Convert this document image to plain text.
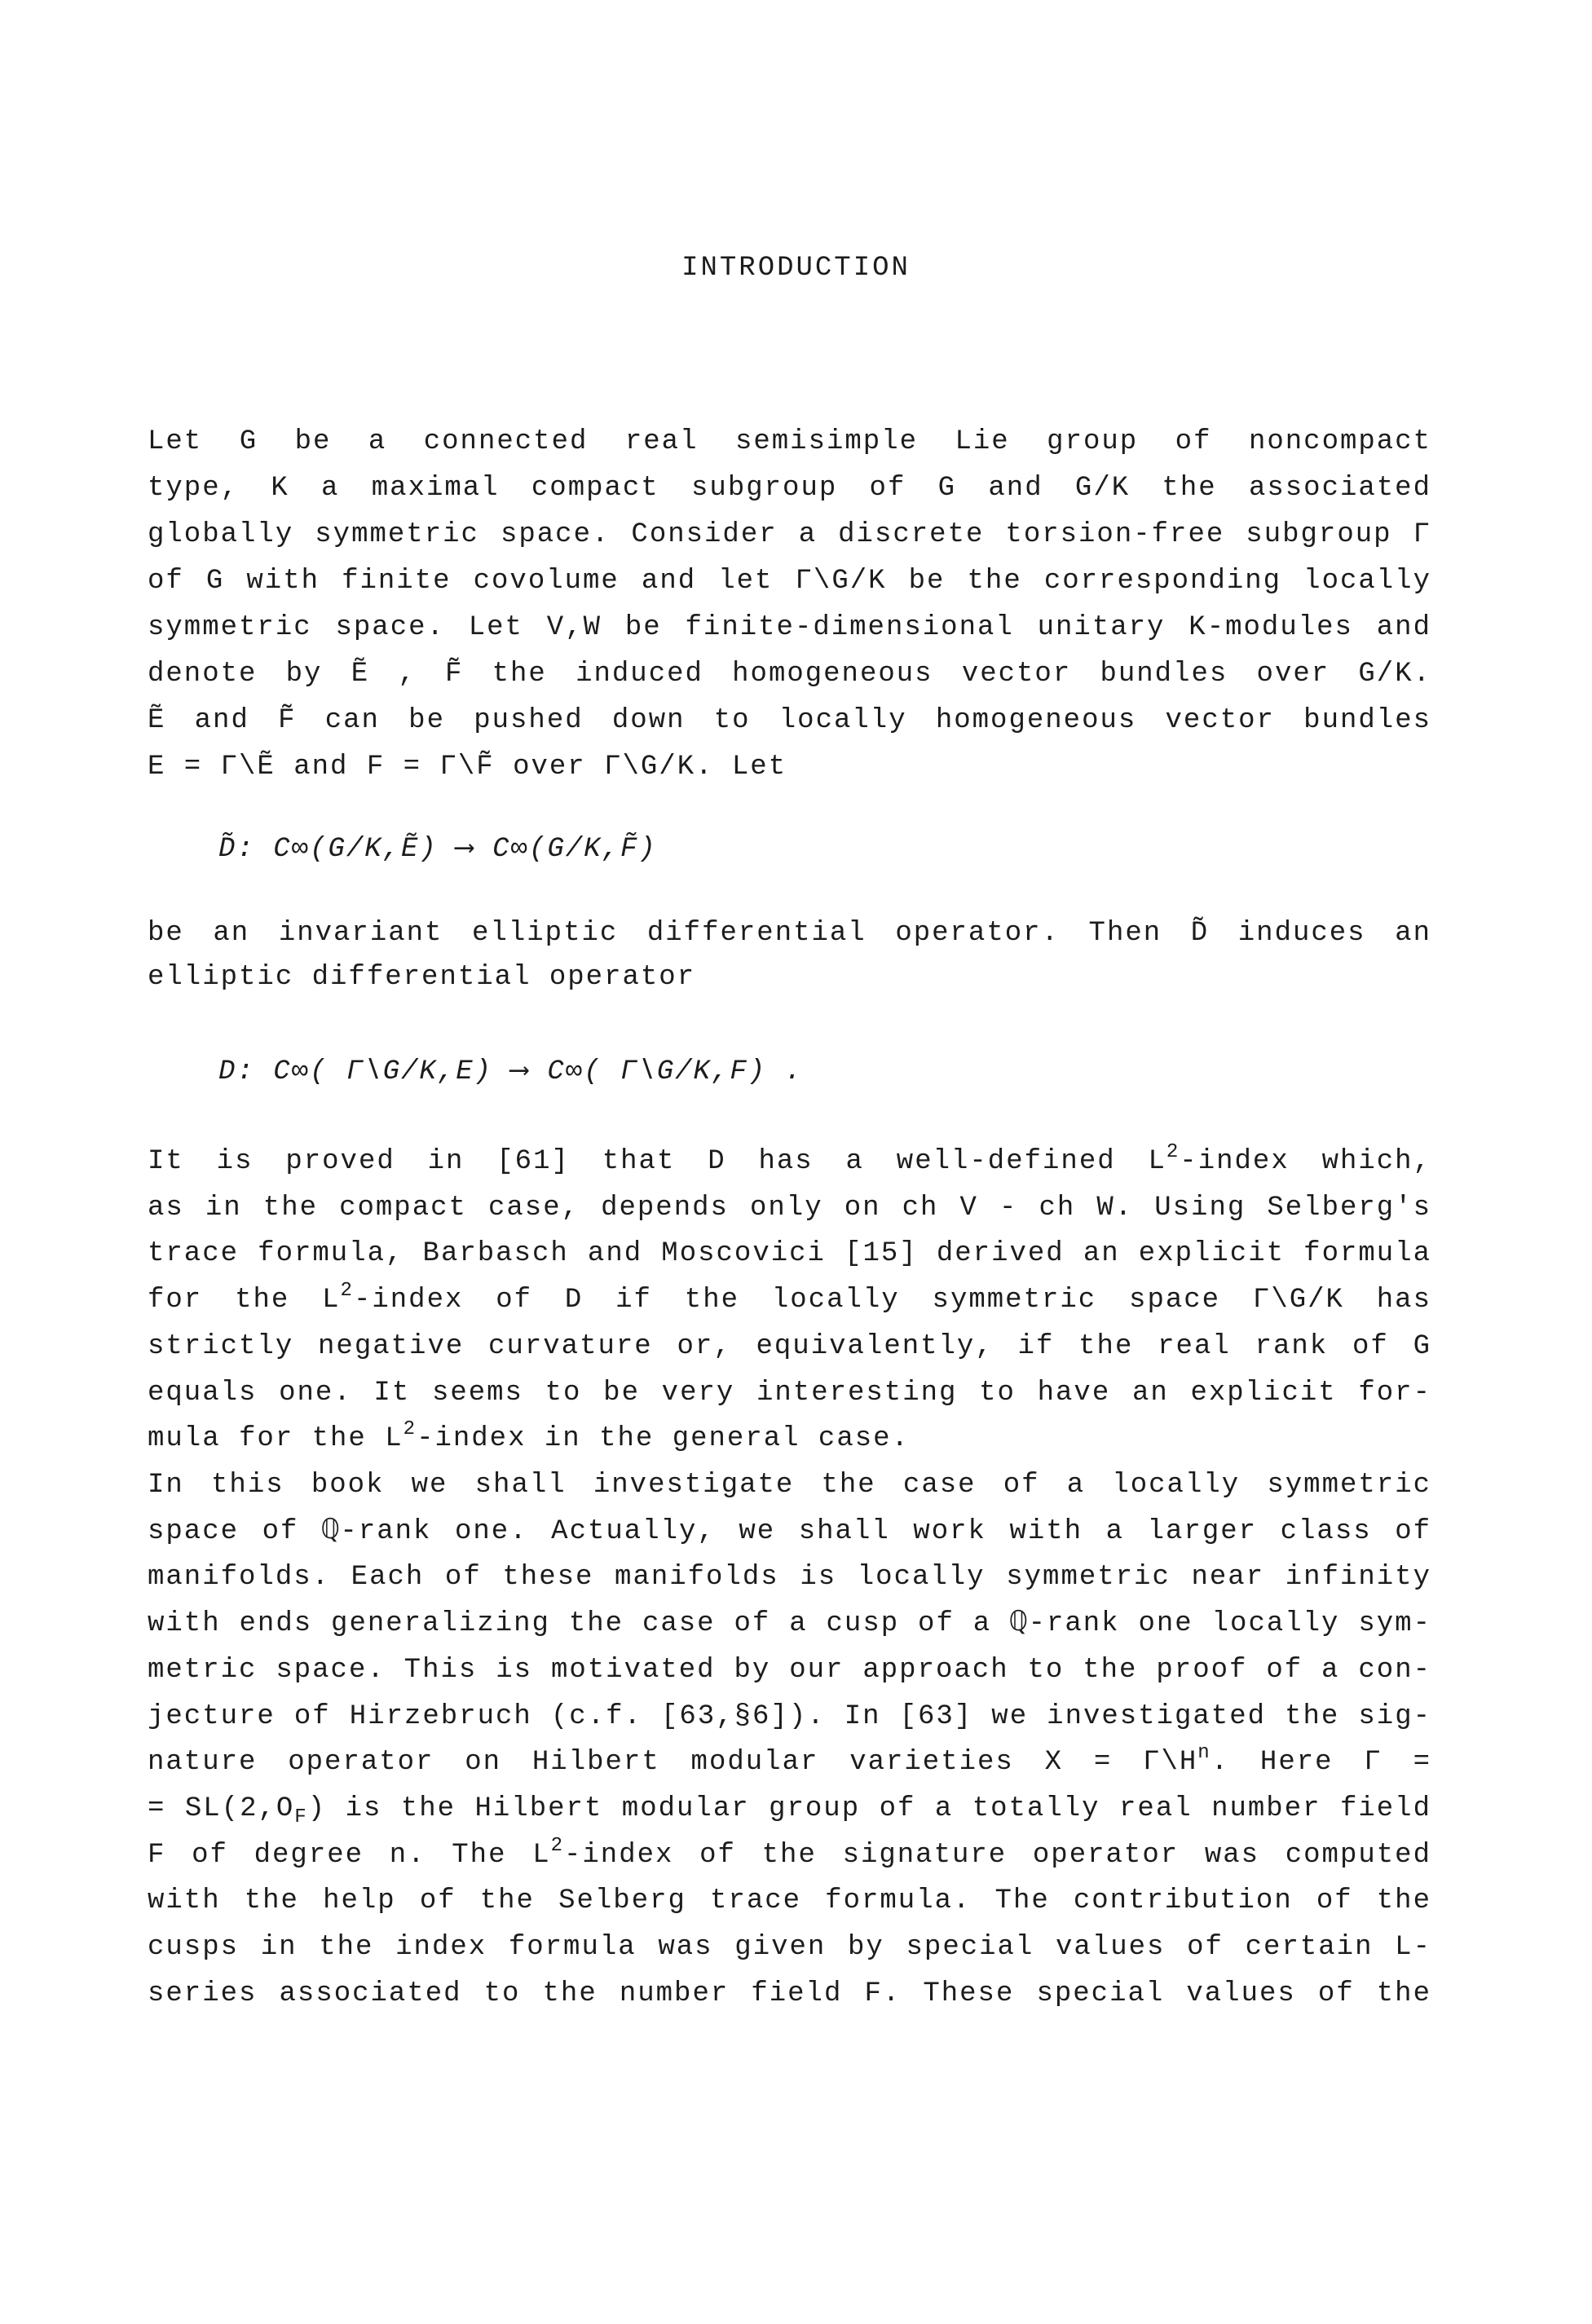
INTRODUCTION
Let G be a connected real semisimple Lie group of noncompact
type, K a maximal compact subgroup of G and G/K the associated
globally symmetric space. Consider a discrete torsion-free subgroup Γ
of G with finite covolume and let Γ\G/K be the corresponding locally
symmetric space. Let V,W be finite-dimensional unitary K-modules and
denote by Ẽ , F̃ the induced homogeneous vector bundles over G/K.
Ẽ and F̃ can be pushed down to locally homogeneous vector bundles
E = Γ\Ẽ and F = Γ\F̃ over Γ\G/K. Let
D̃: C∞(G/K,Ẽ) ⟶ C∞(G/K,F̃)
be an invariant elliptic differential operator. Then D̃ induces an
elliptic differential operator
D: C∞( Γ\G/K,E) ⟶ C∞( Γ\G/K,F) .
It is proved in [61] that D has a well-defined $L^2$-index which,
as in the compact case, depends only on ch V - ch W. Using Selberg's
trace formula, Barbasch and Moscovici [15] derived an explicit formula
for the $L^2$-index of D if the locally symmetric space Γ\G/K has
strictly negative curvature or, equivalently, if the real rank of G
equals one. It seems to be very interesting to have an explicit for-
mula for the $L^2$-index in the general case.
In this book we shall investigate the case of a locally symmetric
space of ℚ-rank one. Actually, we shall work with a larger class of
manifolds. Each of these manifolds is locally symmetric near infinity
with ends generalizing the case of a cusp of a ℚ-rank one locally sym-
metric space. This is motivated by our approach to the proof of a con-
jecture of Hirzebruch (c.f. [63,§6]). In [63] we investigated the sig-
nature operator on Hilbert modular varieties $X = \Gamma\backslash H^n$. Here Γ =
= $SL(2,O_F)$ is the Hilbert modular group of a totally real number field
F of degree n. The $L^2$-index of the signature operator was computed
with the help of the Selberg trace formula. The contribution of the
cusps in the index formula was given by special values of certain L-
series associated to the number field F. These special values of the
